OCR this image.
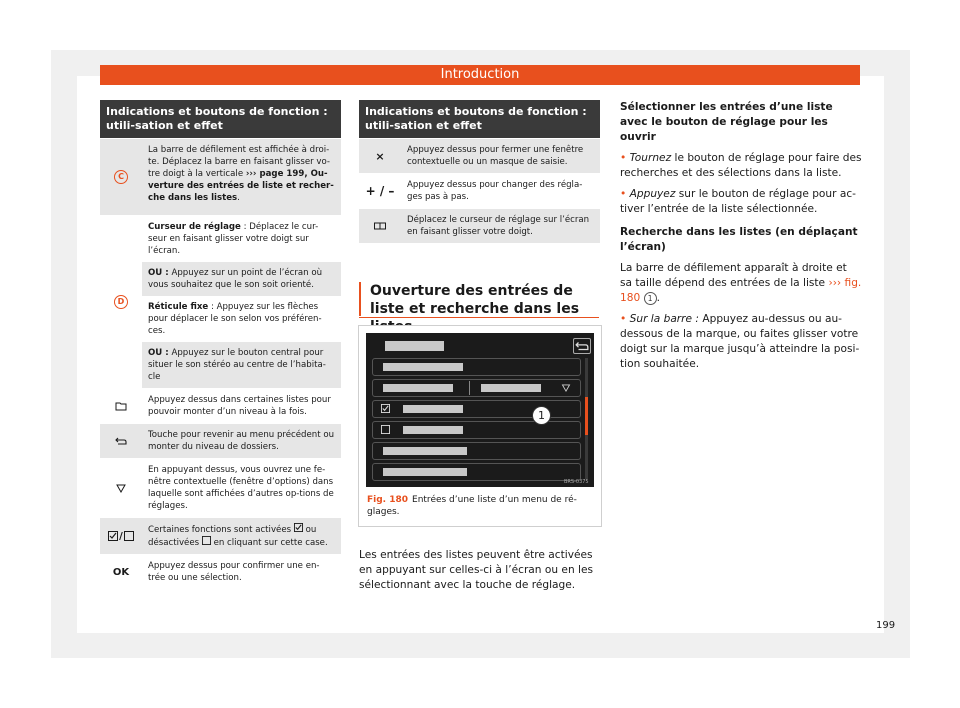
Introduction
Indications et boutons de fonction : utili-sation et effet
C
La barre de défilement est affichée à droi-te. Déplacez la barre en faisant glisser vo-tre doigt à la verticale ››› page 199, Ou-verture des entrées de liste et recher-che dans les listes.
D
Curseur de réglage : Déplacez le cur-seur en faisant glisser votre doigt sur l’écran.
OU : Appuyez sur un point de l’écran où vous souhaitez que le son soit orienté.
Réticule fixe : Appuyez sur les flèches pour déplacer le son selon vos préféren-ces.
OU : Appuyez sur le bouton central pour situer le son stéréo au centre de l’habita-cle
Appuyez dessus dans certaines listes pour pouvoir monter d’un niveau à la fois.
Touche pour revenir au menu précédent ou monter du niveau de dossiers.
En appuyant dessus, vous ouvrez une fe-nêtre contextuelle (fenêtre d’options) dans laquelle sont affichées d’autres op-tions de réglages.
/
Certaines fonctions sont activées ou désactivées en cliquant sur cette case.
OK
Appuyez dessus pour confirmer une en-trée ou une sélection.
Indications et boutons de fonction : utili-sation et effet
×	Appuyez dessus pour fermer une fenêtre contextuelle ou un masque de saisie.
+ / –	Appuyez dessus pour changer des régla-ges pas à pas.
Déplacez le curseur de réglage sur l’écran en faisant glisser votre doigt.
Ouverture des entrées de liste et recherche dans les
1
BRS-0375
Fig. 180 Entrées d’une liste d’un menu de ré-glages.
Les entrées des listes peuvent être activées en appuyant sur celles-ci à l’écran ou en les sélectionnant avec la touche de réglage.

Sélectionner les entrées d’une liste avec le bouton de réglage pour les ouvrir

• Tournez le bouton de réglage pour faire des recherches et des sélections dans la liste.

• Appuyez sur le bouton de réglage pour ac-tiver l’entrée de la liste sélectionnée.

Recherche dans les listes (en déplaçant l’écran)

La barre de défilement apparaît à droite et sa taille dépend des entrées de la liste ››› fig. 180 1 .

• Sur la barre : Appuyez au-dessus ou au-dessous de la marque, ou faites glisser votre doigt sur la marque jusqu’à atteindre la posi-tion souhaitée.

199
